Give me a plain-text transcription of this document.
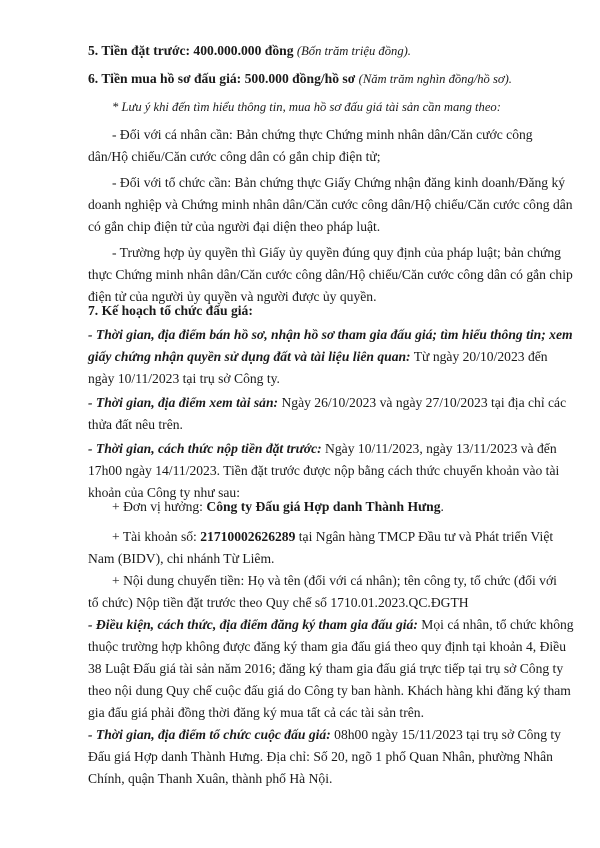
5. Tiền đặt trước: 400.000.000 đồng (Bốn trăm triệu đồng).
6. Tiền mua hồ sơ đấu giá: 500.000 đồng/hồ sơ (Năm trăm nghìn đồng/hồ sơ).
* Lưu ý khi đến tìm hiểu thông tin, mua hồ sơ đấu giá tài sản cần mang theo:
- Đối với cá nhân cần: Bản chứng thực Chứng minh nhân dân/Căn cước công
dân/Hộ chiếu/Căn cước công dân có gắn chip điện tử;
- Đối với tổ chức cần: Bản chứng thực Giấy Chứng nhận đăng kinh doanh/Đăng ký
doanh nghiệp và Chứng minh nhân dân/Căn cước công dân/Hộ chiếu/Căn cước công dân
có gắn chip điện tử của người đại diện theo pháp luật.
- Trường hợp ủy quyền thì Giấy ủy quyền đúng quy định của pháp luật; bản chứng
thực Chứng minh nhân dân/Căn cước công dân/Hộ chiếu/Căn cước công dân có gắn chip
điện tử của người ủy quyền và người được ủy quyền.
7. Kế hoạch tổ chức đấu giá:
- Thời gian, địa điểm bán hồ sơ, nhận hồ sơ tham gia đấu giá; tìm hiểu thông tin; xem
giấy chứng nhận quyền sử dụng đất và tài liệu liên quan: Từ ngày 20/10/2023 đến
ngày 10/11/2023 tại trụ sở Công ty.
- Thời gian, địa điểm xem tài sản: Ngày 26/10/2023 và ngày 27/10/2023 tại địa chỉ các
thửa đất nêu trên.
- Thời gian, cách thức nộp tiền đặt trước: Ngày 10/11/2023, ngày 13/11/2023 và đến
17h00 ngày 14/11/2023. Tiền đặt trước được nộp bằng cách thức chuyển khoản vào tài
khoản của Công ty như sau:
+ Đơn vị hưởng: Công ty Đấu giá Hợp danh Thành Hưng.
+ Tài khoản số: 21710002626289 tại Ngân hàng TMCP Đầu tư và Phát triển Việt
Nam (BIDV), chi nhánh Từ Liêm.
+ Nội dung chuyển tiền: Họ và tên (đối với cá nhân); tên công ty, tổ chức (đối với
tổ chức) Nộp tiền đặt trước theo Quy chế số 1710.01.2023.QC.ĐGTH
- Điều kiện, cách thức, địa điểm đăng ký tham gia đấu giá: Mọi cá nhân, tổ chức không
thuộc trường hợp không được đăng ký tham gia đấu giá theo quy định tại khoản 4, Điều
38 Luật Đấu giá tài sản năm 2016; đăng ký tham gia đấu giá trực tiếp tại trụ sở Công ty
theo nội dung Quy chế cuộc đấu giá do Công ty ban hành. Khách hàng khi đăng ký tham
gia đấu giá phải đồng thời đăng ký mua tất cả các tài sản trên.
- Thời gian, địa điểm tổ chức cuộc đấu giá: 08h00 ngày 15/11/2023 tại trụ sở Công ty
Đấu giá Hợp danh Thành Hưng. Địa chỉ: Số 20, ngõ 1 phố Quan Nhân, phường Nhân
Chính, quận Thanh Xuân, thành phố Hà Nội.
